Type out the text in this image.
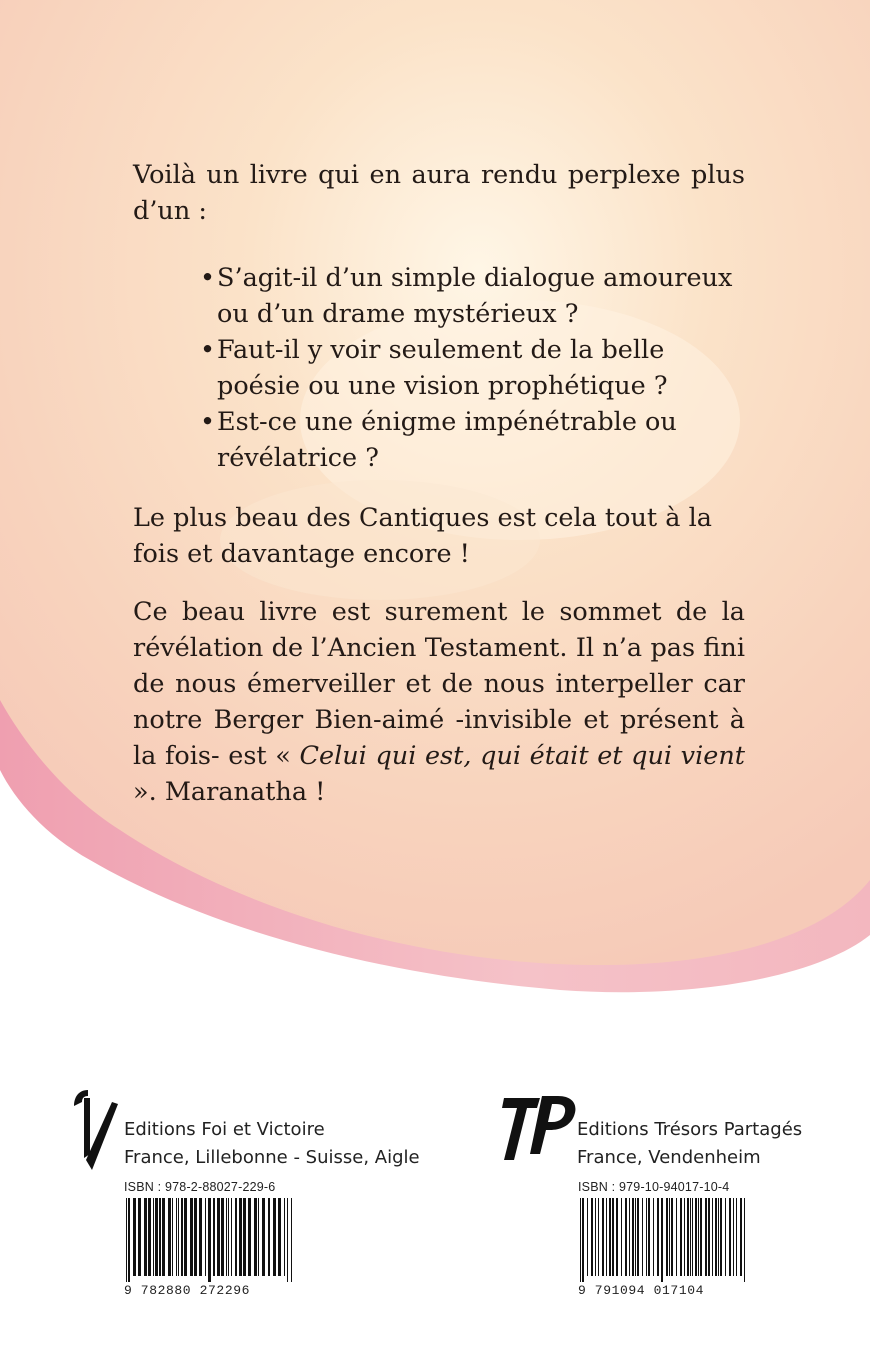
Voilà un livre qui en aura rendu perplexe plus
d’un :
• S’agit-il d’un simple dialogue amoureux ou d’un drame mystérieux ?
• Faut-il y voir seulement de la belle poésie ou une vision prophétique ?
• Est-ce une énigme impénétrable ou révélatrice ?
Le plus beau des Cantiques est cela tout à la fois et davantage encore !
Ce beau livre est surement le sommet de la révélation de l’Ancien Testament. Il n’a pas fini de nous émerveiller et de nous interpeller car notre Berger Bien-aimé -invisible et présent à la fois- est « Celui qui est, qui était et qui vient ». Maranatha !
Editions Foi et Victoire
France, Lillebonne - Suisse, Aigle
ISBN : 978-2-88027-229-6
9 782880 272296
Editions Trésors Partagés
France, Vendenheim
ISBN : 979-10-94017-10-4
9 791094 017104
